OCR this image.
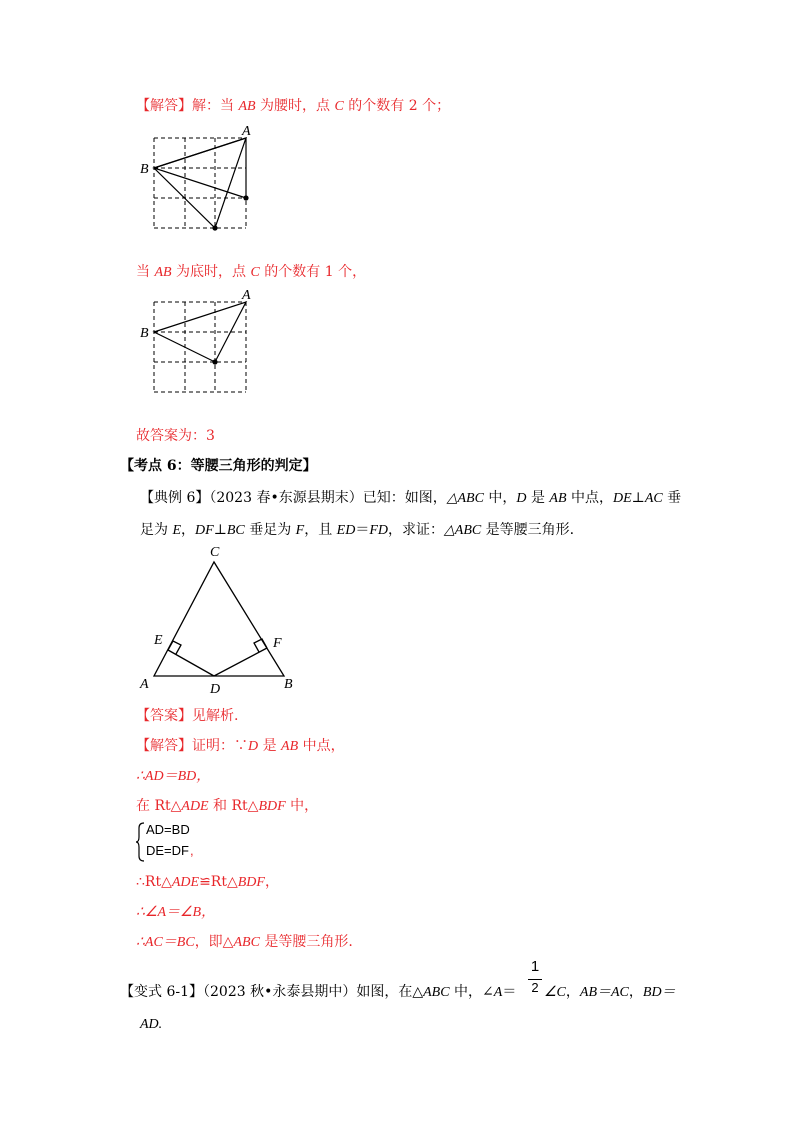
【解答】解：当 AB 为腰时，点 C 的个数有 2 个；
A
B
当 AB 为底时，点 C 的个数有 1 个，
A
B
故答案为：3
【考点 6：等腰三角形的判定】
【典例 6】（2023 春•东源县期末）已知：如图，△ABC 中，D 是 AB 中点，DE⊥AC 垂
足为 E，DF⊥BC 垂足为 F，且 ED＝FD，求证：△ABC 是等腰三角形.
C
E	F
A	D	B
【答案】见解析.
【解答】证明：∵D 是 AB 中点，
∴AD＝BD，
在 Rt△ADE 和 Rt△BDF 中，
AD=BD
DE=DF ,
∴Rt△ADE≌Rt△BDF，
∴∠A＝∠B，
∴AC＝BC，即△ABC 是等腰三角形.
1
2
【变式 6-1】（2023 秋•永泰县期中）如图，在△ABC 中，∠A＝ ∠C，AB＝AC，BD＝
AD.
